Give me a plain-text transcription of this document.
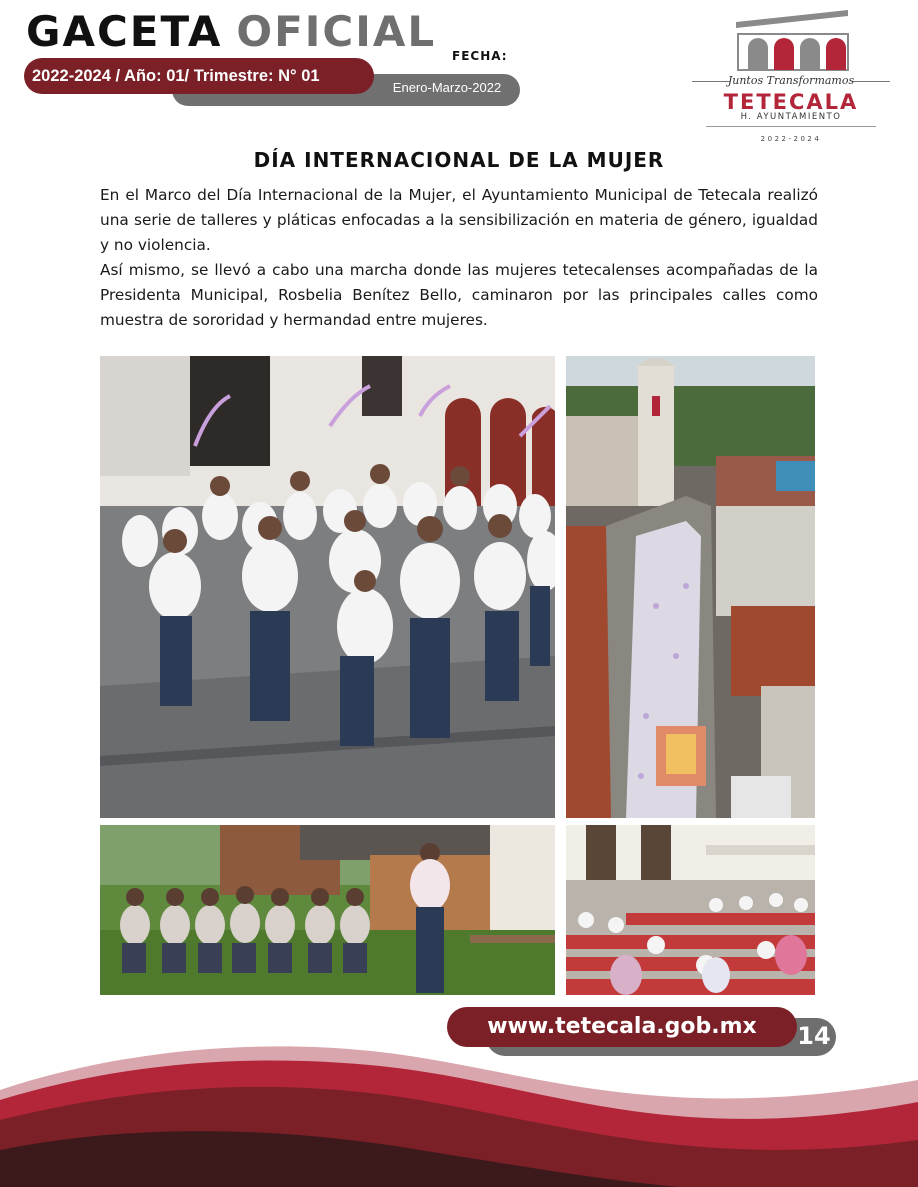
GACETA OFICIAL FECHA:
Enero-Marzo-2022
2022-2024 / Año: 01/ Trimestre: N° 01	Juntos Transformamos
TETECALA
H. AYUNTAMIENTO
2022-2024
DÍA INTERNACIONAL DE LA MUJER

En el Marco del Día Internacional de la Mujer, el Ayuntamiento Municipal de Tetecala realizó una serie de talleres y pláticas enfocadas a la sensibilización en materia de género, igualdad y no violencia.

Así mismo, se llevó a cabo una marcha donde las mujeres tetecalenses acompañadas de la Presidenta Municipal, Rosbelia Benítez Bello, caminaron por las principales calles como muestra de sororidad y hermandad entre mujeres.

www.tetecala.gob.mx	14
